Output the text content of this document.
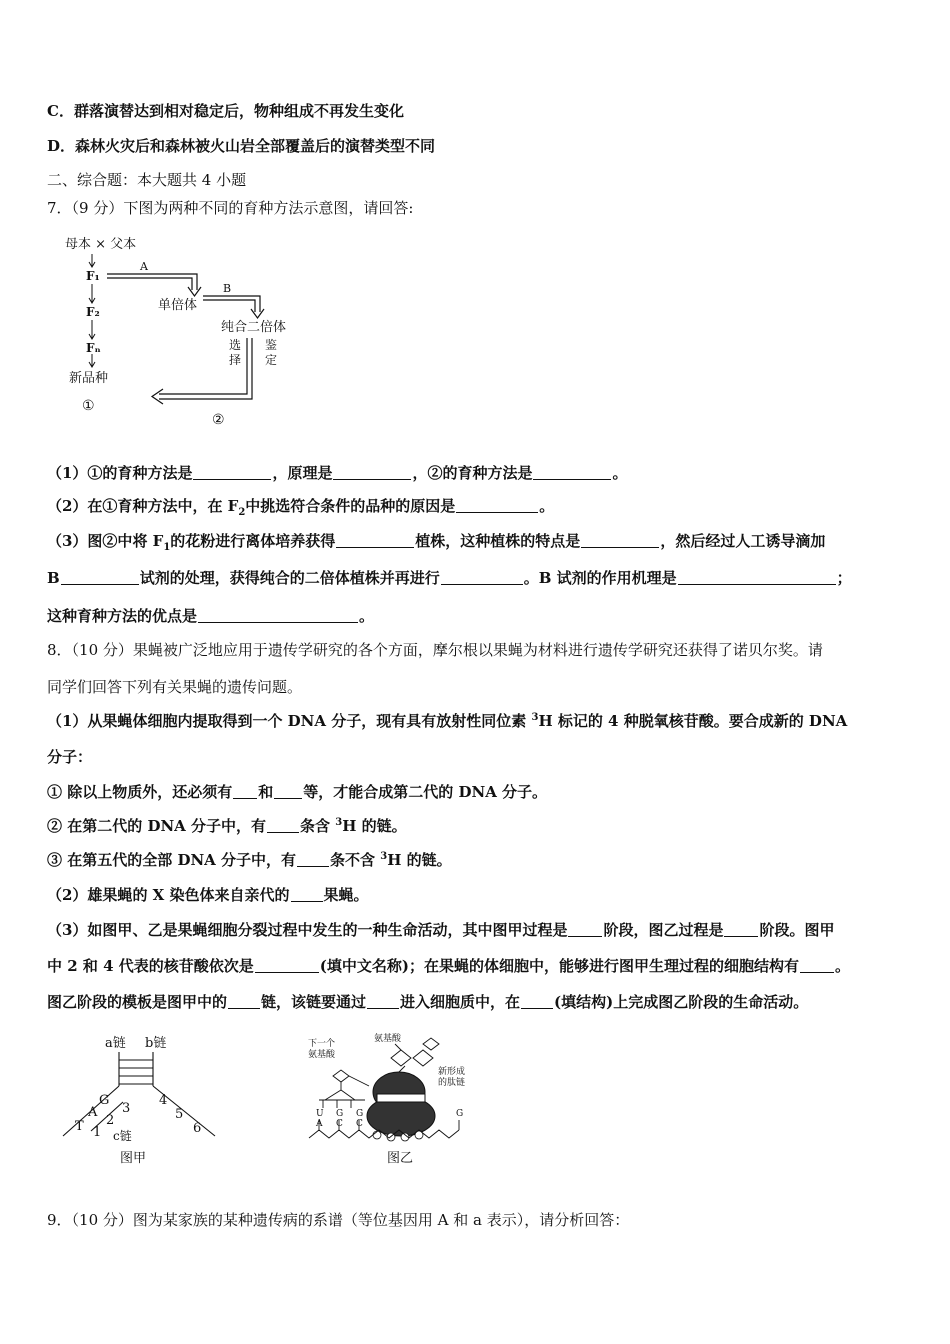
C．群落演替达到相对稳定后，物种组成不再发生变化
D．森林火灾后和森林被火山岩全部覆盖后的演替类型不同
二、综合题：本大题共 4 小题
7．（9 分）下图为两种不同的育种方法示意图，请回答:
母本 × 父本
F₁
F₂
Fₙ
新品种
①
A
单倍体
B
纯合二倍体
选
择
鉴
定
②
（1）①的育种方法是	，原理是	，②的育种方法是	。
（2）在①育种方法中，在 $F_2$中挑选符合条件的品种的原因是	。
（3）图②中将 $F_1$的花粉进行离体培养获得	植株，这种植株的特点是	，然后经过人工诱导滴加
B	试剂的处理，获得纯合的二倍体植株并再进行	。B 试剂的作用机理是	；
这种育种方法的优点是	。
8．（10 分）果蝇被广泛地应用于遗传学研究的各个方面，摩尔根以果蝇为材料进行遗传学研究还获得了诺贝尔奖。请
同学们回答下列有关果蝇的遗传问题。
（1）从果蝇体细胞内提取得到一个 DNA 分子，现有具有放射性同位素 $^3$H 标记的 4 种脱氧核苷酸。要合成新的 DNA
分子：
① 除以上物质外，还必须有 和 等，才能合成第二代的 DNA 分子。
② 在第二代的 DNA 分子中，有 条含 $^3$H 的链。
③ 在第五代的全部 DNA 分子中，有 条不含 $^3$H 的链。
（2）雄果蝇的 X 染色体来自亲代的 果蝇。
（3）如图甲、乙是果蝇细胞分裂过程中发生的一种生命活动，其中图甲过程是 阶段，图乙过程是 阶段。图甲
中 2 和 4 代表的核苷酸依次是	(填中文名称)；在果蝇的体细胞中，能够进行图甲生理过程的细胞结构有 。
图乙阶段的模板是图甲中的 链，该链要通过 进入细胞质中，在 (填结构)上完成图乙阶段的生命活动。
a链 b链
G
A
T
3
2
1
4
5
6
c链
图甲
下一个
氨基酸
氨基酸
新形成
的肽链
U
A
G
C
G
C
G
图乙
9．（10 分）图为某家族的某种遗传病的系谱（等位基因用 A 和 a 表示），请分析回答：
